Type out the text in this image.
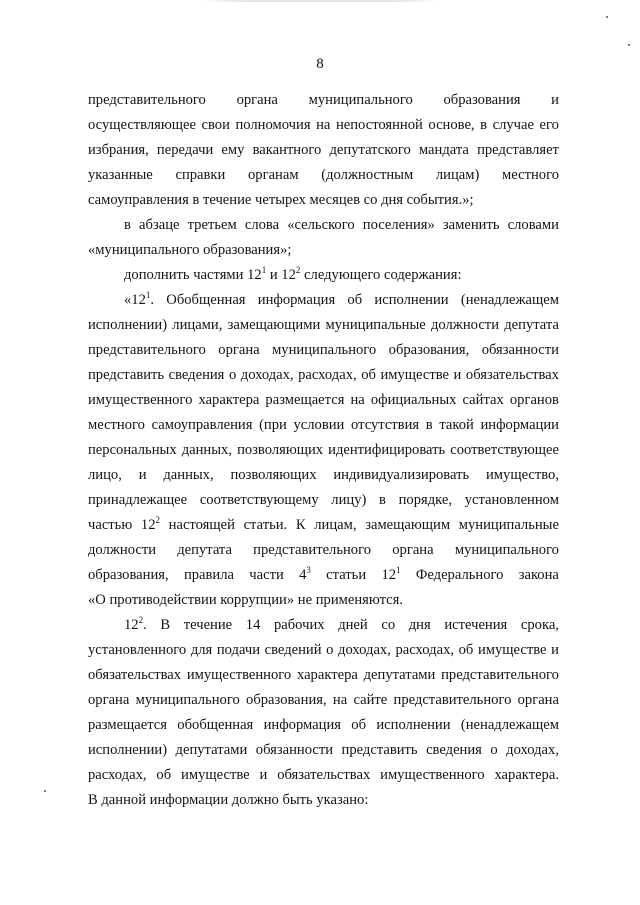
8
представительного органа муниципального образования и
осуществляющее свои полномочия на непостоянной основе, в случае его
избрания, передачи ему вакантного депутатского мандата представляет
указанные справки органам (должностным лицам) местного
самоуправления в течение четырех месяцев со дня события.»;
в абзаце третьем слова «сельского поселения» заменить словами
«муниципального образования»;
дополнить частями $12^1$ и $12^2$ следующего содержания:
«$12^1$. Обобщенная информация об исполнении (ненадлежащем
исполнении) лицами, замещающими муниципальные должности депутата
представительного органа муниципального образования, обязанности
представить сведения о доходах, расходах, об имуществе и обязательствах
имущественного характера размещается на официальных сайтах органов
местного самоуправления (при условии отсутствия в такой информации
персональных данных, позволяющих идентифицировать соответствующее
лицо, и данных, позволяющих индивидуализировать имущество,
принадлежащее соответствующему лицу) в порядке, установленном
частью $12^2$ настоящей статьи. К лицам, замещающим муниципальные
должности депутата представительного органа муниципального
образования, правила части $4^3$ статьи $12^1$ Федерального закона
«О противодействии коррупции» не применяются.
$12^2$. В течение 14 рабочих дней со дня истечения срока,
установленного для подачи сведений о доходах, расходах, об имуществе и
обязательствах имущественного характера депутатами представительного
органа муниципального образования, на сайте представительного органа
размещается обобщенная информация об исполнении (ненадлежащем
исполнении) депутатами обязанности представить сведения о доходах,
расходах, об имуществе и обязательствах имущественного характера.
В данной информации должно быть указано:
